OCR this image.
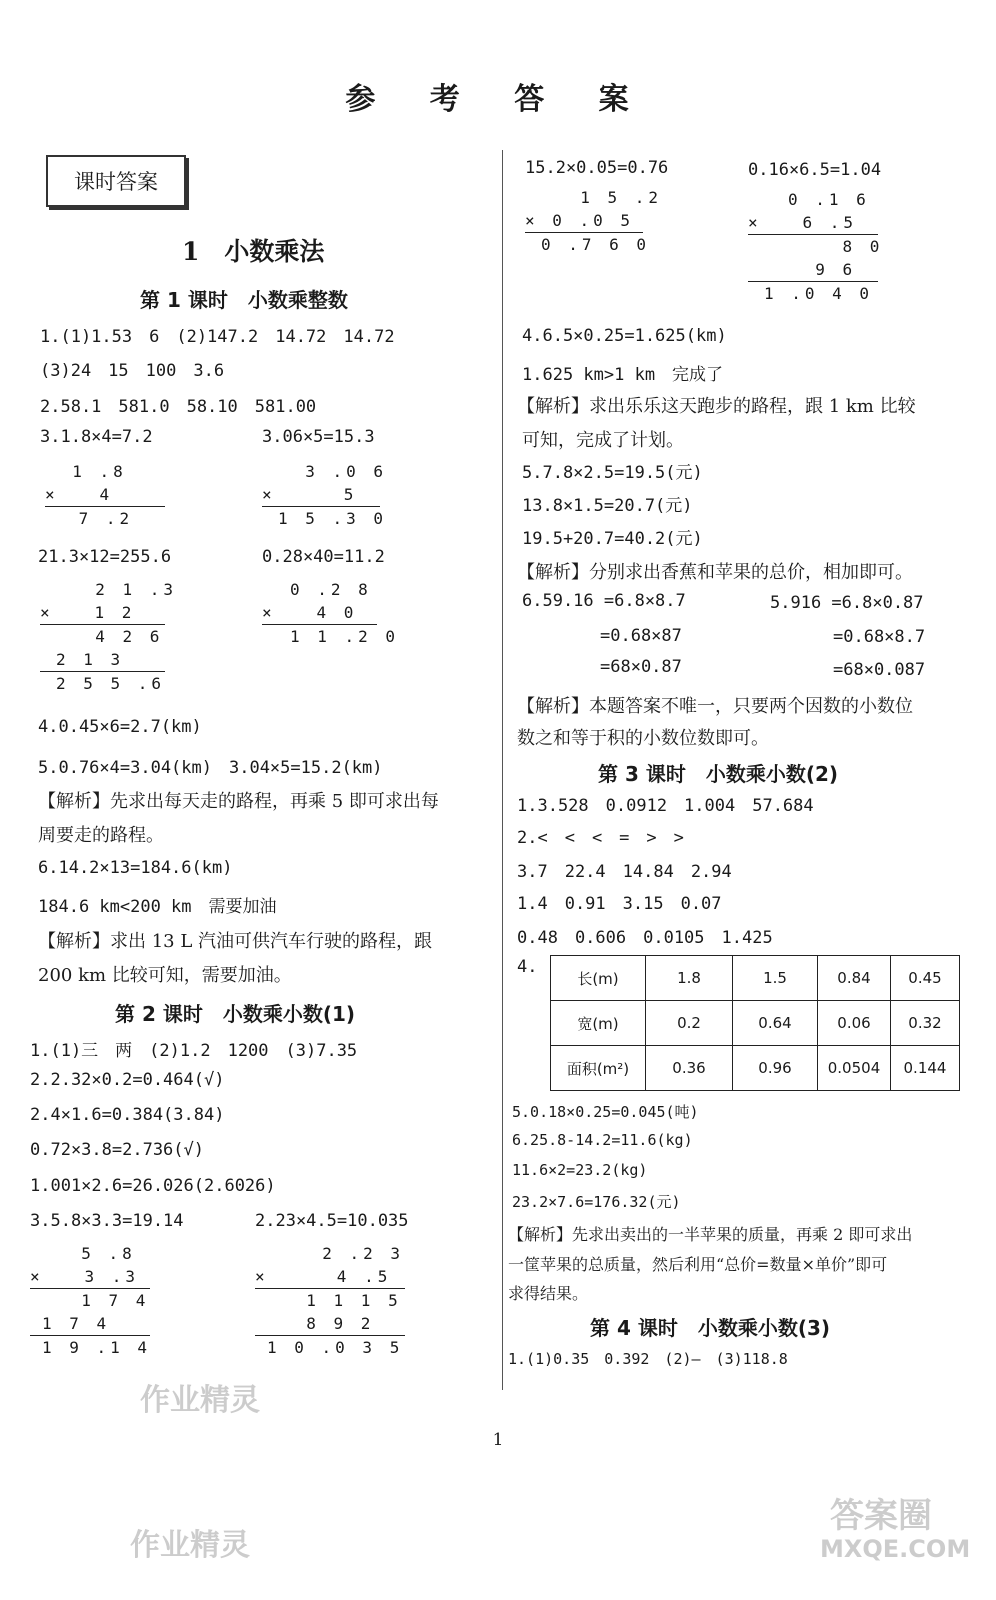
参 考 答 案
课时答案
1　小数乘法
第 1 课时　小数乘整数
1.(1)1.53　6　(2)147.2　14.72　14.72
(3)24　15　100　3.6
2.58.1　581.0　58.10　581.00
3.1.8×4=7.2	3.06×5=15.3
1 .8
×   4
7 .2
3 .0 6
×     5
1 5 .3 0
21.3×12=255.6	0.28×40=11.2
2 1 .3
×   1 2
4 2 6
2 1 3
2 5 5 .6
0 .2 8
×   4 0
1 1 .2 0
4.0.45×6=2.7(km)
5.0.76×4=3.04(km)　3.04×5=15.2(km)
【解析】先求出每天走的路程，再乘 5 即可求出每
周要走的路程。
6.14.2×13=184.6(km)
184.6 km<200 km　需要加油
【解析】求出 13 L 汽油可供汽车行驶的路程，跟
200 km 比较可知，需要加油。
第 2 课时　小数乘小数(1)
1.(1)三　两　(2)1.2　1200　(3)7.35
2.2.32×0.2=0.464(√)
2.4×1.6=0.384(3.84)
0.72×3.8=2.736(√)
1.001×2.6=26.026(2.6026)
3.5.8×3.3=19.14	2.23×4.5=10.035
5 .8
×   3 .3
1 7 4
1 7 4
1 9 .1 4
2 .2 3
×     4 .5
1 1 1 5
8 9 2
1 0 .0 3 5
作业精灵
15.2×0.05=0.76	0.16×6.5=1.04
1 5 .2
× 0 .0 5
0 .7 6 0
0 .1 6
×   6 .5
8 0
9 6
1 .0 4 0
4.6.5×0.25=1.625(km)
1.625 km>1 km　完成了
【解析】求出乐乐这天跑步的路程，跟 1 km 比较
可知，完成了计划。
5.7.8×2.5=19.5(元)
13.8×1.5=20.7(元)
19.5+20.7=40.2(元)
【解析】分别求出香蕉和苹果的总价，相加即可。
6.59.16 =6.8×8.7	5.916 =6.8×0.87
=0.68×87	=0.68×8.7
=68×0.87	=68×0.087
【解析】本题答案不唯一，只要两个因数的小数位
数之和等于积的小数位数即可。
第 3 课时　小数乘小数(2)
1.3.528　0.0912　1.004　57.684
2.<　<　<　=　>　>
3.7　22.4　14.84　2.94
1.4　0.91　3.15　0.07
0.48　0.606　0.0105　1.425
4.
长(m)	1.8	1.5	0.84	0.45
宽(m)	0.2	0.64	0.06	0.32
面积(m²)	0.36	0.96	0.0504	0.144
5.0.18×0.25=0.045(吨)
6.25.8-14.2=11.6(kg)
11.6×2=23.2(kg)
23.2×7.6=176.32(元)
【解析】先求出卖出的一半苹果的质量，再乘 2 即可求出
一筐苹果的总质量，然后利用“总价=数量×单价”即可
求得结果。
第 4 课时　小数乘小数(3)
1.(1)0.35　0.392　(2)—　(3)118.8
1
作业精灵
答案圈
MXQE.COM
